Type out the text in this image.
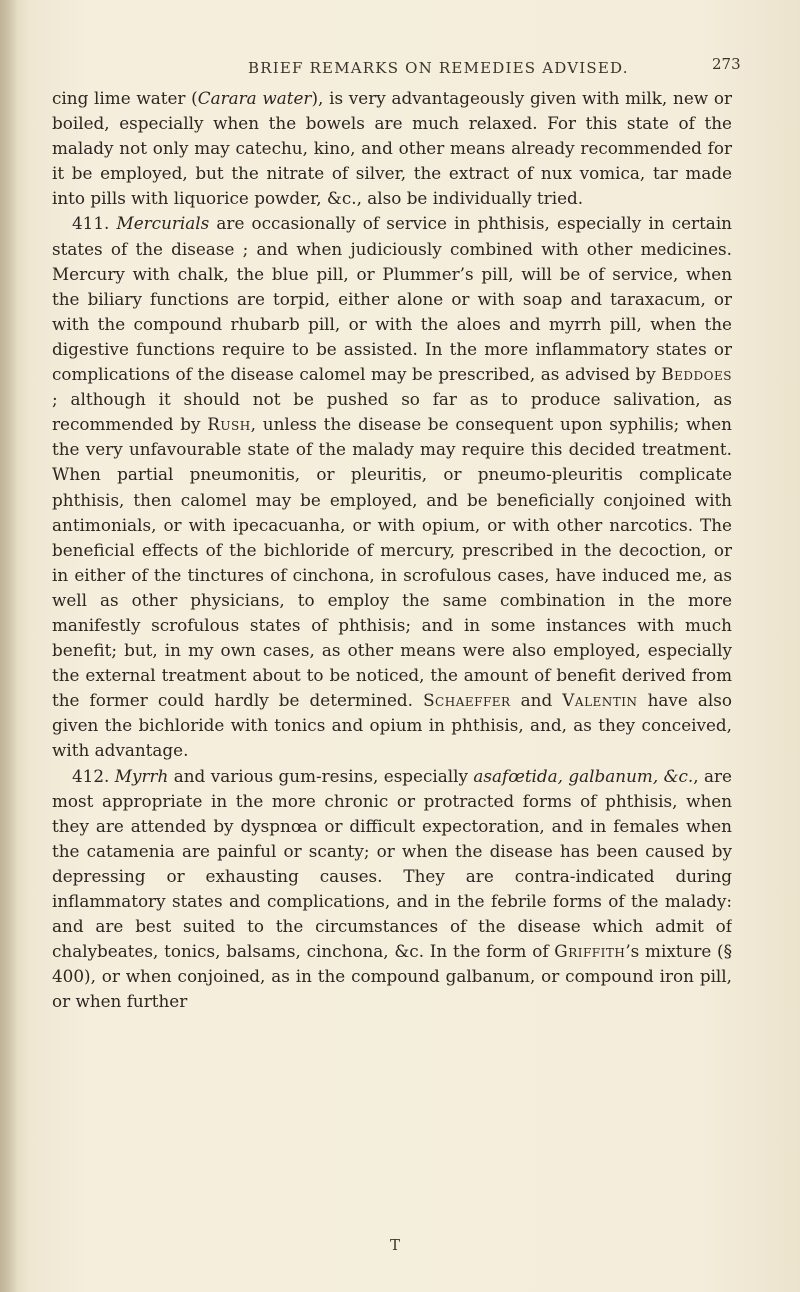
BRIEF REMARKS ON REMEDIES ADVISED.	273

cing lime water (Carara water), is very advantageously given with milk, new or boiled, especially when the bowels are much relaxed. For this state of the malady not only may catechu, kino, and other means already recommended for it be employed, but the nitrate of silver, the extract of nux vomica, tar made into pills with liquorice powder, &c., also be individually tried.

411. Mercurials are occasionally of service in phthisis, especially in certain states of the disease ; and when judiciously combined with other medicines. Mercury with chalk, the blue pill, or Plummer’s pill, will be of service, when the biliary functions are torpid, either alone or with soap and taraxacum, or with the compound rhubarb pill, or with the aloes and myrrh pill, when the digestive functions require to be assisted. In the more inflammatory states or complications of the disease calomel may be prescribed, as advised by Beddoes ; although it should not be pushed so far as to produce salivation, as recommended by Rush, unless the disease be consequent upon syphilis; when the very unfavourable state of the malady may require this decided treatment. When partial pneumonitis, or pleuritis, or pneumo-pleuritis complicate phthisis, then calomel may be employed, and be beneficially conjoined with antimonials, or with ipecacuanha, or with opium, or with other narcotics. The beneficial effects of the bichloride of mercury, prescribed in the decoction, or in either of the tinctures of cinchona, in scrofulous cases, have induced me, as well as other physicians, to employ the same combination in the more manifestly scrofulous states of phthisis; and in some instances with much benefit; but, in my own cases, as other means were also employed, especially the external treatment about to be noticed, the amount of benefit derived from the former could hardly be determined. Schaeffer and Valentin have also given the bichloride with tonics and opium in phthisis, and, as they conceived, with advantage.

412. Myrrh and various gum-resins, especially asafœtida, galbanum, &c., are most appropriate in the more chronic or protracted forms of phthisis, when they are attended by dyspnœa or difficult expectoration, and in females when the catamenia are painful or scanty; or when the disease has been caused by depressing or exhausting causes. They are contra-indicated during inflammatory states and complications, and in the febrile forms of the malady: and are best suited to the circumstances of the disease which admit of chalybeates, tonics, balsams, cinchona, &c. In the form of Griffith’s mixture (§ 400), or when conjoined, as in the compound galbanum, or compound iron pill, or when further

T
